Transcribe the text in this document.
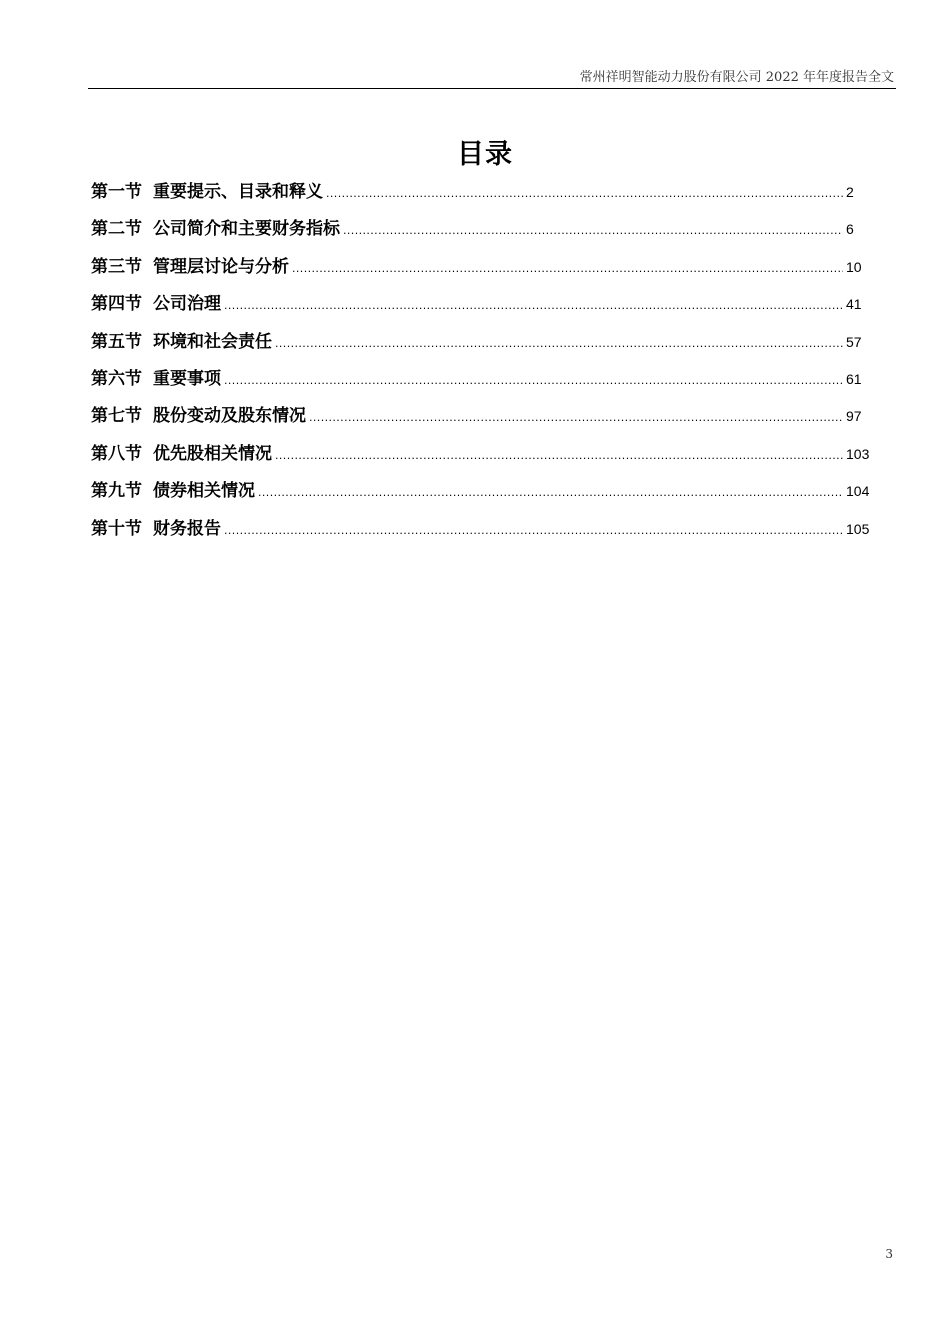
常州祥明智能动力股份有限公司 2022 年年度报告全文
目录
第一节 重要提示、目录和释义 .....	2
第二节 公司简介和主要财务指标 .....	6
第三节 管理层讨论与分析 .....	10
第四节 公司治理 .....	41
第五节 环境和社会责任 .....	57
第六节 重要事项 .....	61
第七节 股份变动及股东情况 .....	97
第八节 优先股相关情况 .....	103
第九节 债券相关情况 .....	104
第十节 财务报告 .....	105
3
